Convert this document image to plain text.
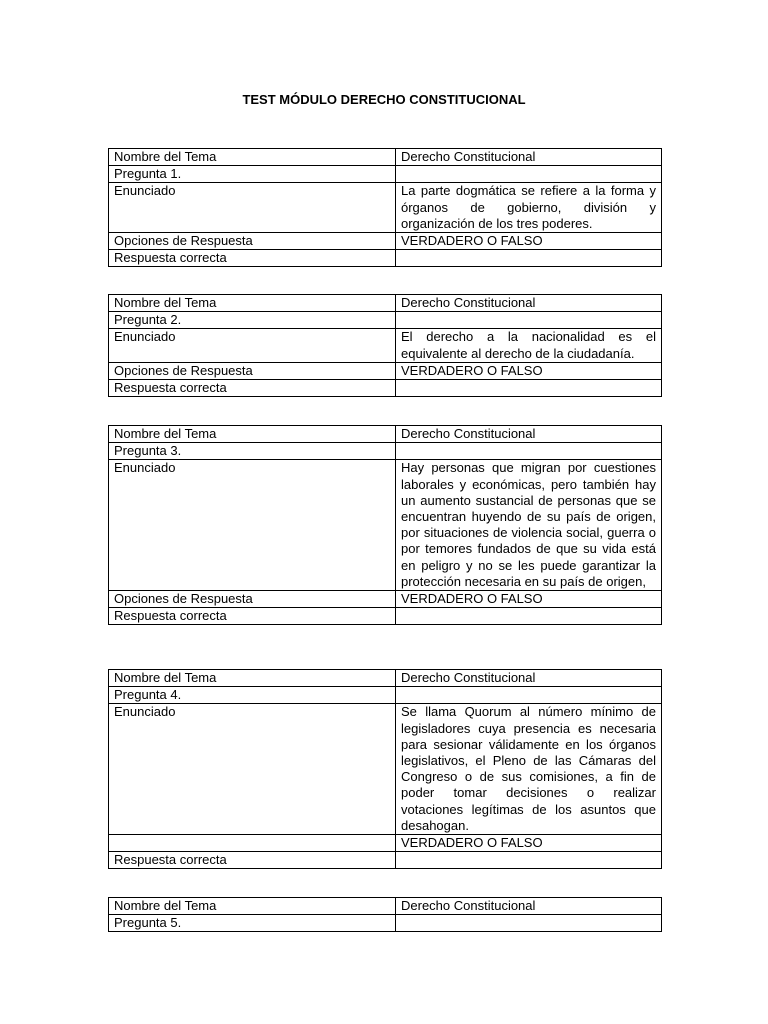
TEST MÓDULO DERECHO CONSTITUCIONAL
Nombre del Tema	Derecho Constitucional
Pregunta 1.	
Enunciado	La parte dogmática se refiere a la forma y órganos de gobierno, división y organización de los tres poderes.
Opciones de Respuesta	VERDADERO O FALSO
Respuesta correcta	
Nombre del Tema	Derecho Constitucional
Pregunta 2.	
Enunciado	El derecho a la nacionalidad es el equivalente al derecho de la ciudadanía.
Opciones de Respuesta	VERDADERO O FALSO
Respuesta correcta	
Nombre del Tema	Derecho Constitucional
Pregunta 3.	
Enunciado	Hay personas que migran por cuestiones laborales y económicas, pero también hay un aumento sustancial de personas que se encuentran huyendo de su país de origen, por situaciones de violencia social, guerra o por temores fundados de que su vida está en peligro y no se les puede garantizar la protección necesaria en su país de origen,
Opciones de Respuesta	VERDADERO O FALSO
Respuesta correcta	
Nombre del Tema	Derecho Constitucional
Pregunta 4.	
Enunciado	Se llama Quorum al número mínimo de legisladores cuya presencia es necesaria para sesionar válidamente en los órganos legislativos, el Pleno de las Cámaras del Congreso o de sus comisiones, a fin de poder tomar decisiones o realizar votaciones legítimas de los asuntos que desahogan.
	VERDADERO O FALSO
Respuesta correcta	
Nombre del Tema	Derecho Constitucional
Pregunta 5.	
